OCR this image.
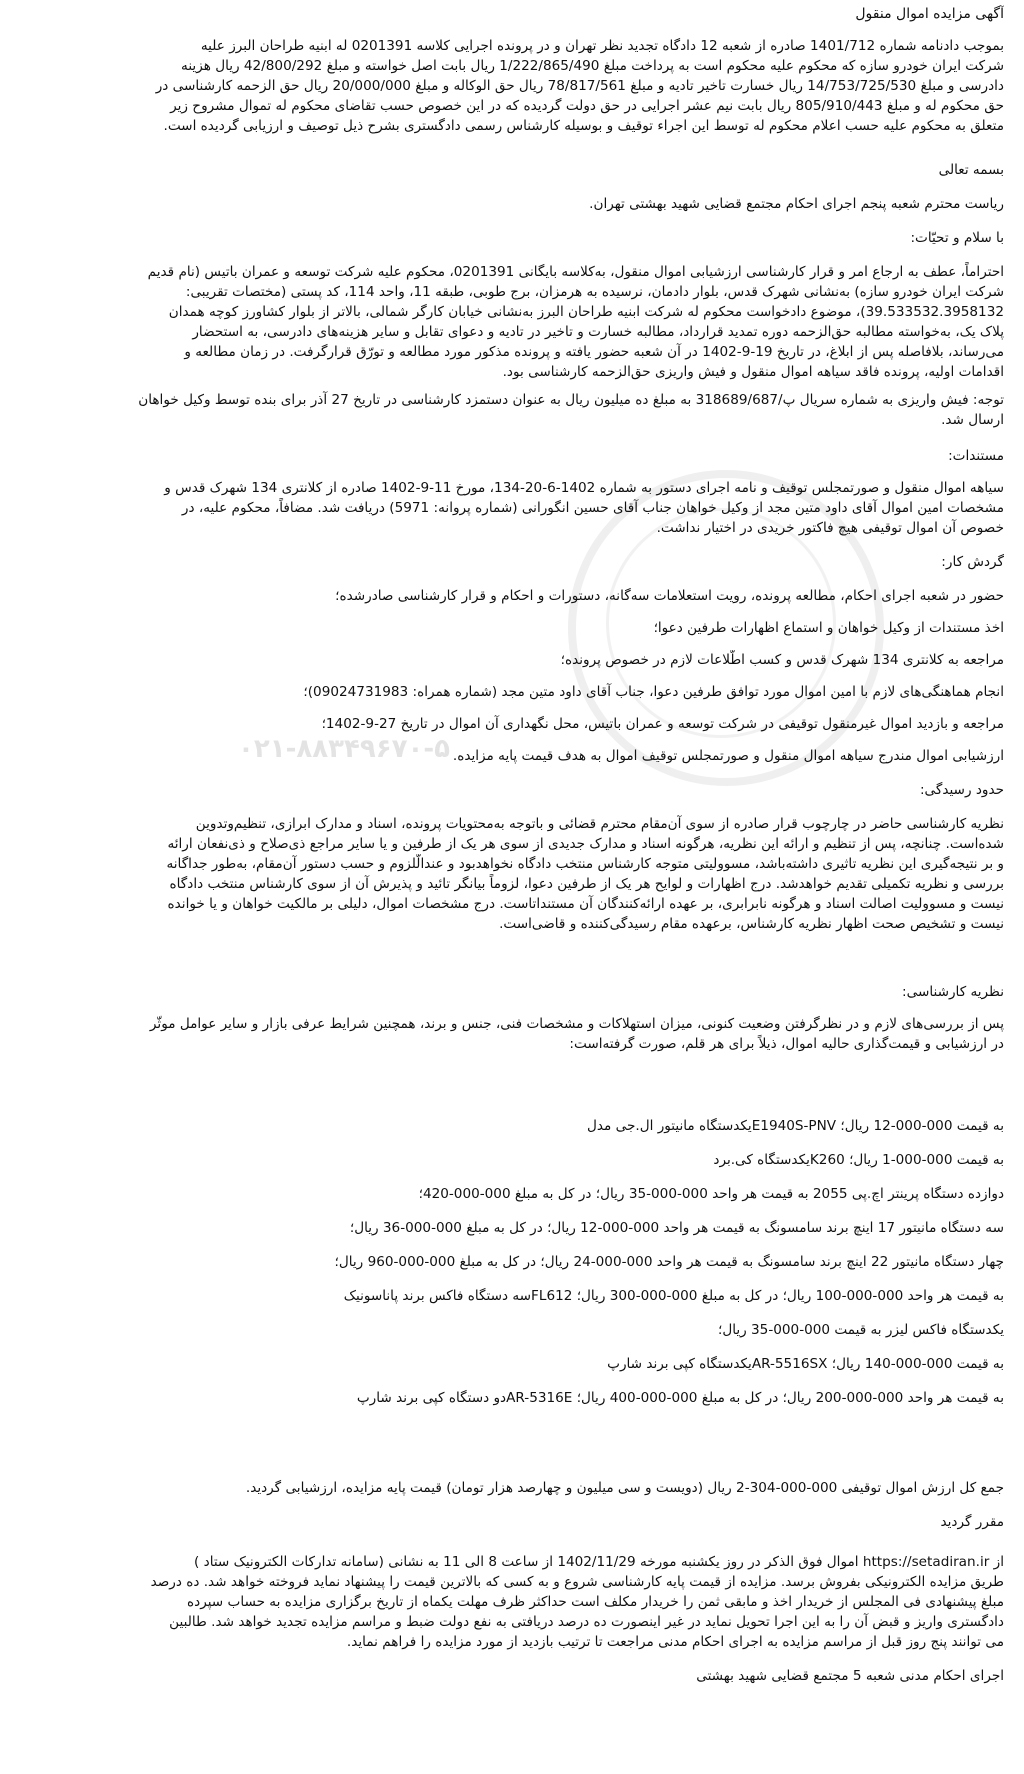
۰۲۱-۸۸۳۴۹۶۷۰-۵
آگهی مزایده اموال منقول
بموجب دادنامه شماره 1401/712 صادره از شعبه 12 دادگاه تجدید نظر تهران و در پرونده اجرایی کلاسه 0201391 له ابنیه طراحان البرز علیه
شرکت ایران خودرو سازه که محکوم علیه محکوم است به پرداخت مبلغ 1/222/865/490 ریال بابت اصل خواسته و مبلغ 42/800/292 ریال هزینه
دادرسی و مبلغ 14/753/725/530 ریال خسارت تاخیر تادیه و مبلغ 78/817/561 ریال حق الوکاله و مبلغ 20/000/000 ریال حق الزحمه کارشناسی در
حق محکوم له و مبلغ 805/910/443 ریال بابت نیم عشر اجرایی در حق دولت گردیده که در این خصوص حسب تقاضای محکوم له تموال مشروح زیر
متعلق به محکوم علیه حسب اعلام محکوم له توسط این اجراء توقیف و بوسیله کارشناس رسمی دادگستری بشرح ذیل توصیف و ارزیابی گردیده است.
بسمه تعالی
ریاست محترم شعبه پنجم اجرای احکام مجتمع قضایی شهید بهشتی تهران.
با سلام و تحیّات:
احتراماً، عطف به ارجاع امر و قرار کارشناسی ارزشیابی اموال منقول، به‌کلاسه بایگانی 0201391، محکوم علیه شرکت توسعه و عمران باتیس (نام قدیم
شرکت ایران خودرو سازه) به‌نشانی شهرک قدس، بلوار دادمان، نرسیده به هرمزان، برج طوبی، طبقه 11، واحد 114، کد پستی (مختصات تقریبی:
39.533532.3958132)، موضوع دادخواست محکوم له شرکت ابنیه طراحان البرز به‌نشانی خیابان کارگر شمالی، بالاتر از بلوار کشاورز کوچه همدان
پلاک یک، به‌خواسته مطالبه حق‌الزحمه دوره تمدید قرارداد، مطالبه خسارت و تاخیر در تادیه و دعوای تقابل و سایر هزینه‌های دادرسی، به استحضار
می‌رساند، بلافاصله پس از ابلاغ، در تاریخ 19-9-1402 در آن شعبه حضور یافته و پرونده مذکور مورد مطالعه و تورّق قرارگرفت. در زمان مطالعه و
اقدامات اولیه، پرونده فاقد سیاهه اموال منقول و فیش واریزی حق‌الزحمه کارشناسی بود.
توجه: فیش واریزی به شماره سریال پ/318689/687 به مبلغ ده میلیون ریال به عنوان دستمزد کارشناسی در تاریخ 27 آذر برای بنده توسط وکیل خواهان
ارسال شد.
مستندات:
سیاهه اموال منقول و صورتمجلس توقیف و نامه اجرای دستور به شماره 1402-6-20-134، مورخ 11-9-1402 صادره از کلانتری 134 شهرک قدس و
مشخصات امین اموال آقای داود متین مجد از وکیل خواهان جناب آقای حسین انگورانی (شماره پروانه: 5971) دریافت شد. مضافاً، محکوم علیه، در
خصوص آن اموال توقیفی هیچ فاکتور خریدی در اختیار نداشت.
گردش کار:
حضور در شعبه اجرای احکام، مطالعه پرونده، رویت استعلامات سه‌گانه، دستورات و احکام و قرار کارشناسی صادرشده؛
اخذ مستندات از وکیل خواهان و استماع اظهارات طرفین دعوا؛
مراجعه به کلانتری 134 شهرک قدس و کسب اطّلاعات لازم در خصوص پرونده؛
انجام هماهنگی‌های لازم با امین اموال مورد توافق طرفین دعوا، جناب آقای داود متین مجد (شماره همراه: 09024731983)؛
مراجعه و بازدید اموال غیرمنقول توقیفی در شرکت توسعه و عمران باتیس، محل نگهداری آن اموال در تاریخ 27-9-1402؛
ارزشیابی اموال مندرج سیاهه اموال منقول و صورتمجلس توقیف اموال به هدف قیمت پایه مزایده.
حدود رسیدگی:
نظریه کارشناسی حاضر در چارچوب قرار صادره از سوی آن‌مقام محترم قضائی و باتوجه به‌محتویات پرونده، اسناد و مدارک ابرازی، تنظیم‌وتدوین
شده‌است. چنانچه، پس از تنظیم و ارائه این نظریه، هرگونه اسناد و مدارک جدیدی از سوی هر یک از طرفین و یا سایر مراجع ذی‌صلاح و ذی‌نفعان ارائه
و بر نتیجه‌گیری این نظریه تاثیری داشته‌باشد، مسوولیتی متوجه کارشناس منتخب دادگاه نخواهدبود و عندالّلزوم و حسب دستور آن‌مقام، به‌طور جداگانه
بررسی و نظریه تکمیلی تقدیم خواهدشد. درج اظهارات و لوایح هر یک از طرفین دعوا، لزوماً بیانگر تائید و پذیرش آن از سوی کارشناس منتخب دادگاه
نیست و مسوولیت اصالت اسناد و هرگونه نابرابری، بر عهده ارائه‌کنندگان آن مستنداتاست. درج مشخصات اموال، دلیلی بر مالکیت خواهان و یا خوانده
نیست و تشخیص صحت اظهار نظریه کارشناس، برعهده مقام رسیدگی‌کننده و قاضی‌است.
نظریه کارشناسی:
پس از بررسی‌های لازم و در نظرگرفتن وضعیت کنونی، میزان استهلاکات و مشخصات فنی، جنس و برند، همچنین شرایط عرفی بازار و سایر عوامل موثّر
در ارزشیابی و قیمت‌گذاری حالیه اموال، ذیلاً برای هر قلم، صورت گرفته‌است:
به قیمت 000-000-12 ریال؛ E1940S-PNVیکدستگاه مانیتور ال.جی مدل
به قیمت 000-000-1 ریال؛ K260یکدستگاه کی.برد
دوازده دستگاه پرینتر اچ.پی 2055 به قیمت هر واحد 000-000-35 ریال؛ در کل به مبلغ 000-000-420؛
سه دستگاه مانیتور 17 اینچ برند سامسونگ به قیمت هر واحد 000-000-12 ریال؛ در کل به مبلغ 000-000-36 ریال؛
چهار دستگاه مانیتور 22 اینچ برند سامسونگ به قیمت هر واحد 000-000-24 ریال؛ در کل به مبلغ 000-000-960 ریال؛
به قیمت هر واحد 000-000-100 ریال؛ در کل به مبلغ 000-000-300 ریال؛ FL612سه دستگاه فاکس برند پاناسونیک
یکدستگاه فاکس لیزر به قیمت 000-000-35 ریال؛
به قیمت 000-000-140 ریال؛ AR-5516SXیکدستگاه کپی برند شارپ
به قیمت هر واحد 000-000-200 ریال؛ در کل به مبلغ 000-000-400 ریال؛ AR-5316Eدو دستگاه کپی برند شارپ
جمع کل ارزش اموال توقیفی 000-000-304-2 ریال (دویست و سی میلیون و چهارصد هزار تومان) قیمت پایه مزایده، ارزشیابی گردید.
مقرر گردید
از https://setadiran.ir اموال فوق الذکر در روز یکشنبه مورخه 1402/11/29 از ساعت 8 الی 11 به نشانی (سامانه تدارکات الکترونیک ستاد )
طریق مزایده الکترونیکی بفروش برسد. مزایده از قیمت پایه کارشناسی شروع و به کسی که بالاترین قیمت را پیشنهاد نماید فروخته خواهد شد. ده درصد
مبلغ پیشنهادی فی المجلس از خریدار اخذ و مابقی ثمن را خریدار مکلف است حداکثر ظرف مهلت یکماه از تاریخ برگزاری مزایده به حساب سپرده
دادگستری واریز و قبض آن را به این اجرا تحویل نماید در غیر اینصورت ده درصد دریافتی به نفع دولت ضبط و مراسم مزایده تجدید خواهد شد. طالبین
می توانند پنج روز قبل از مراسم مزایده به اجرای احکام مدنی مراجعت تا ترتیب بازدید از مورد مزایده را فراهم نماید.
اجرای احکام مدنی شعبه 5 مجتمع قضایی شهید بهشتی
